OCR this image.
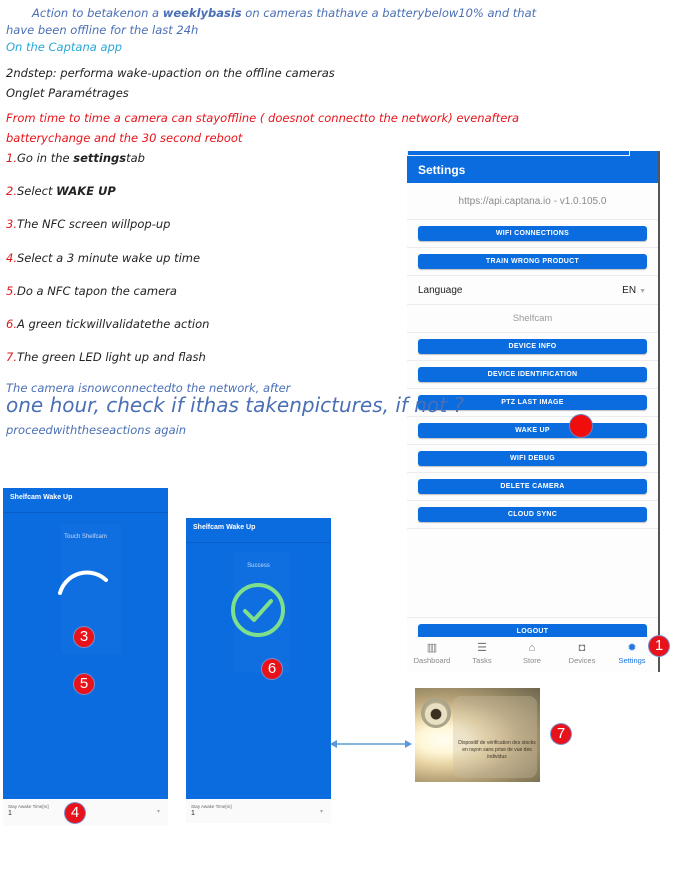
Action to betakenon a weeklybasis on cameras thathave a batterybelow10% and that
have been offline for the last 24h
On the Captana app
2ndstep: performa wake-upaction on the offline cameras
Onglet Paramétrages
From time to time a camera can stayoffline ( doesnot connectto the network) evenaftera
batterychange and the 30 second reboot
1.Go in the settingstab
2.Select WAKE UP
3.The NFC screen willpop-up
4.Select a 3 minute wake up time
5.Do a NFC tapon the camera
6.A green tickwillvalidatethe action
7.The green LED light up and flash
Settings
https://api.captana.io - v1.0.105.0
WIFI CONNECTIONS
TRAIN WRONG PRODUCT
Language	EN ▼
Shelfcam
DEVICE INFO
DEVICE IDENTIFICATION
PTZ LAST IMAGE
WAKE UP
WIFI DEBUG
DELETE CAMERA
CLOUD SYNC
LOGOUT
▥
Dashboard
☰
Tasks
⌂
Store
◘
Devices
✹
Settings
The camera isnowconnectedto the network, after
one hour, check if ithas takenpictures, if not ?
proceedwiththeseactions again
Shelfcam Wake Up
Touch Shelfcam
Stay Awake Time[m]
1	▾
Shelfcam Wake Up
Success
Stay Awake Time[m]
1	▾
Dispositif de vérification des stocks en rayon sans prise de vue des individus
1
3
4
5
6
7
